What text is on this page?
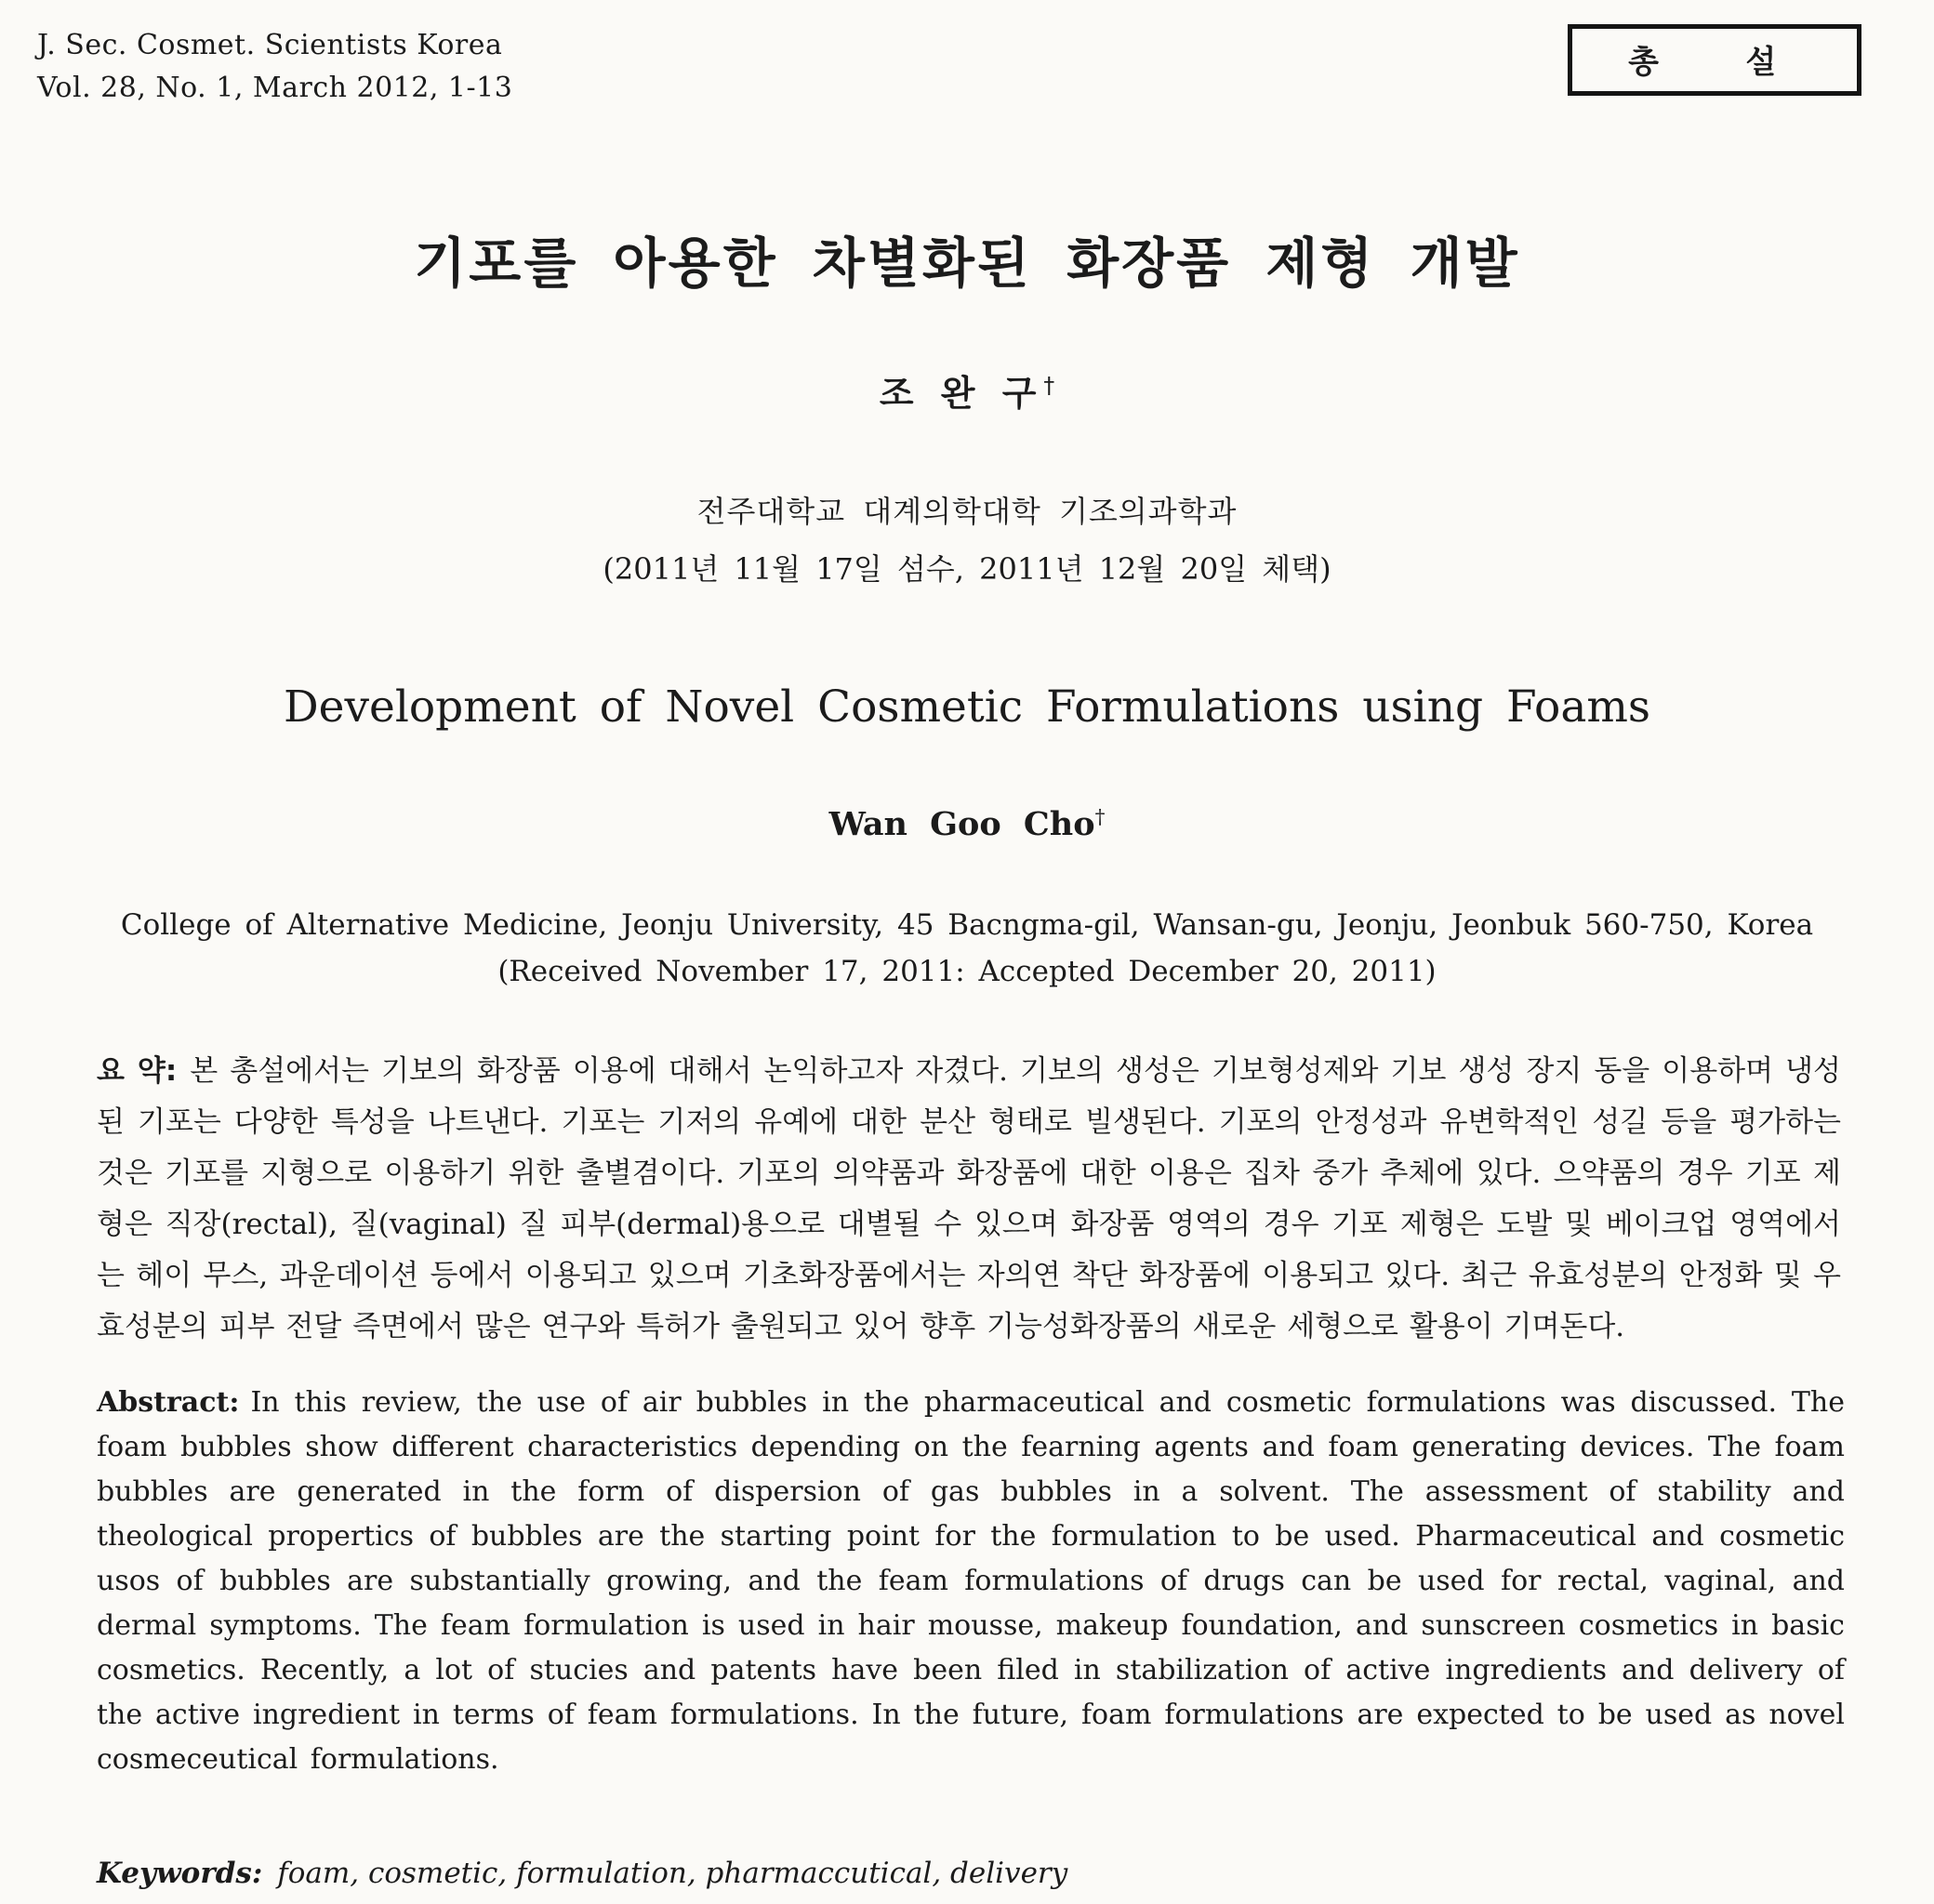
J. Sec. Cosmet. Scientists Korea
Vol. 28, No. 1, March 2012, 1-13
총 설
기포를 아용한 차별화된 화장품 제형 개발
조 완 구†
전주대학교 대계의학대학 기조의과학과
(2011년 11월 17일 섬수, 2011년 12월 20일 체택)
Development of Novel Cosmetic Formulations using Foams
Wan Goo Cho†
College of Alternative Medicine, Jeonju University, 45 Bacngma-gil, Wansan-gu, Jeonju, Jeonbuk 560-750, Korea
(Received November 17, 2011: Accepted December 20, 2011)

요 약: 본 총설에서는 기보의 화장품 이용에 대해서 논익하고자 자겼다. 기보의 생성은 기보형성제와 기보 생성 장지 동을 이용하며 냉성된 기포는 다양한 특성을 나트낸다. 기포는 기저의 유예에 대한 분산 형태로 빌생된다. 기포의 안정성과 유변학적인 성길 등을 평가하는 것은 기포를 지형으로 이용하기 위한 출별겸이다. 기포의 의약품과 화장품에 대한 이용은 집차 중가 추체에 있다. 으약품의 경우 기포 제형은 직장(rectal), 질(vaginal) 질 피부(dermal)용으로 대별될 수 있으며 화장품 영역의 경우 기포 제형은 도발 및 베이크업 영역에서는 헤이 무스, 과운데이션 등에서 이용되고 있으며 기초화장품에서는 자의연 착단 화장품에 이용되고 있다. 최근 유효성분의 안정화 및 우효성분의 피부 전달 즉면에서 많은 연구와 특허가 출원되고 있어 향후 기능성화장품의 새로운 세형으로 활용이 기며돈다.

Abstract: In this review, the use of air bubbles in the pharmaceutical and cosmetic formulations was discussed. The foam bubbles show different characteristics depending on the fearning agents and foam generating devices. The foam bubbles are generated in the form of dispersion of gas bubbles in a solvent. The assessment of stability and theological propertics of bubbles are the starting point for the formulation to be used. Pharmaceutical and cosmetic usos of bubbles are substantially growing, and the feam formulations of drugs can be used for rectal, vaginal, and dermal symptoms. The feam formulation is used in hair mousse, makeup foundation, and sunscreen cosmetics in basic cosmetics. Recently, a lot of stucies and patents have been filed in stabilization of active ingredients and delivery of the active ingredient in terms of feam formulations. In the future, foam formulations are expected to be used as novel cosmeceutical formulations.

Keywords: foam, cosmetic, formulation, pharmaccutical, delivery
